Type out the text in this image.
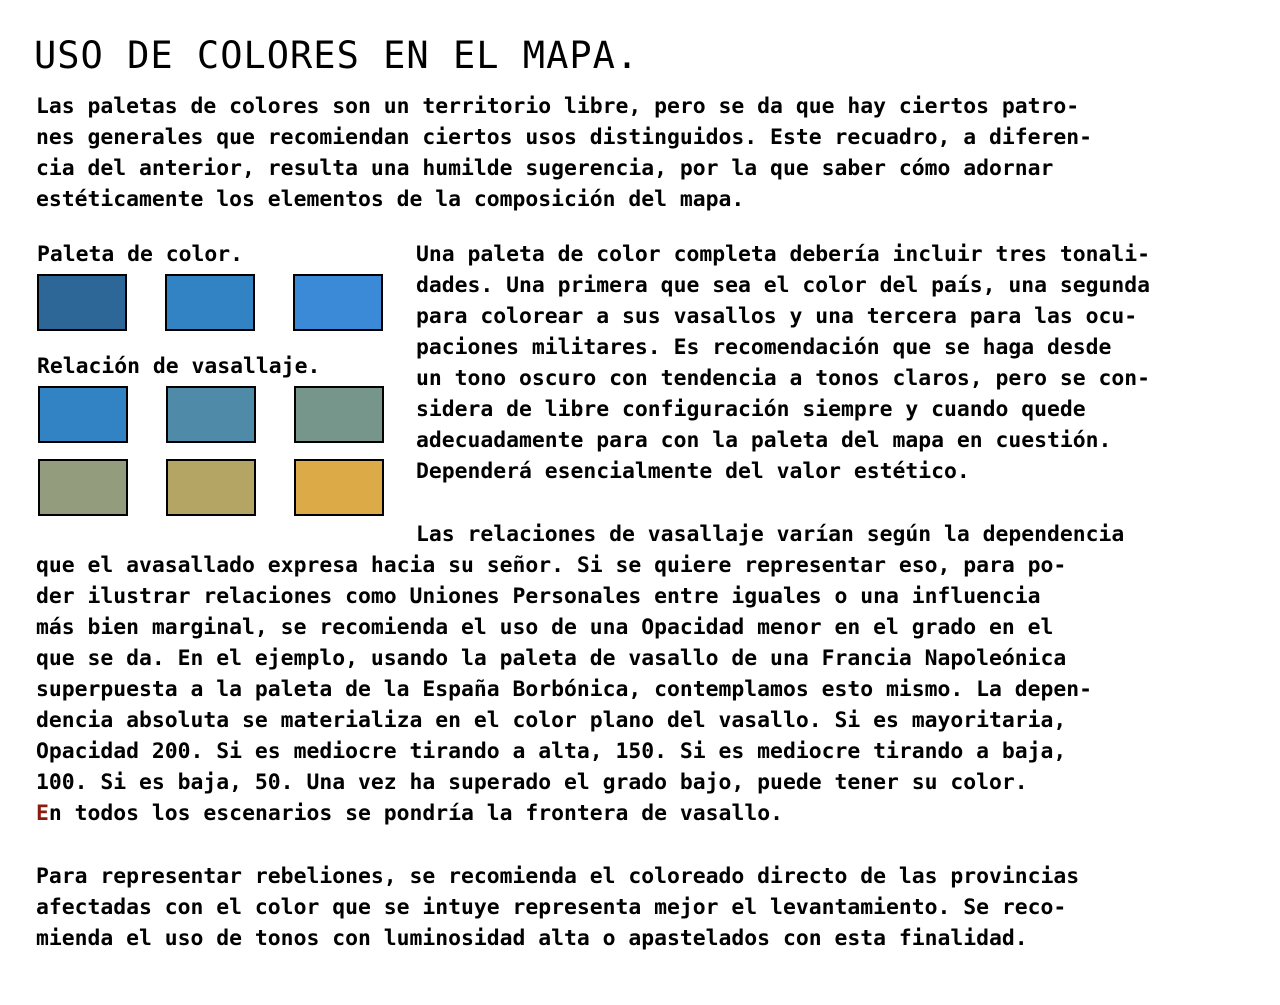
USO DE COLORES EN EL MAPA.

Las paletas de colores son un territorio libre, pero se da que hay ciertos patro-
nes generales que recomiendan ciertos usos distinguidos. Este recuadro, a diferen-
cia del anterior, resulta una humilde sugerencia, por la que saber cómo adornar
estéticamente los elementos de la composición del mapa.

Paleta de color.

Relación de vasallaje.

Una paleta de color completa debería incluir tres tonali-
dades. Una primera que sea el color del país, una segunda
para colorear a sus vasallos y una tercera para las ocu-
paciones militares. Es recomendación que se haga desde
un tono oscuro con tendencia a tonos claros, pero se con-
sidera de libre configuración siempre y cuando quede
adecuadamente para con la paleta del mapa en cuestión.
Dependerá esencialmente del valor estético.

Las relaciones de vasallaje varían según la dependencia
que el avasallado expresa hacia su señor. Si se quiere representar eso, para po-
der ilustrar relaciones como Uniones Personales entre iguales o una influencia
más bien marginal, se recomienda el uso de una Opacidad menor en el grado en el
que se da. En el ejemplo, usando la paleta de vasallo de una Francia Napoleónica
superpuesta a la paleta de la España Borbónica, contemplamos esto mismo. La depen-
dencia absoluta se materializa en el color plano del vasallo. Si es mayoritaria,
Opacidad 200. Si es mediocre tirando a alta, 150. Si es mediocre tirando a baja,
100. Si es baja, 50. Una vez ha superado el grado bajo, puede tener su color.
En todos los escenarios se pondría la frontera de vasallo.

Para representar rebeliones, se recomienda el coloreado directo de las provincias
afectadas con el color que se intuye representa mejor el levantamiento. Se reco-
mienda el uso de tonos con luminosidad alta o apastelados con esta finalidad.
